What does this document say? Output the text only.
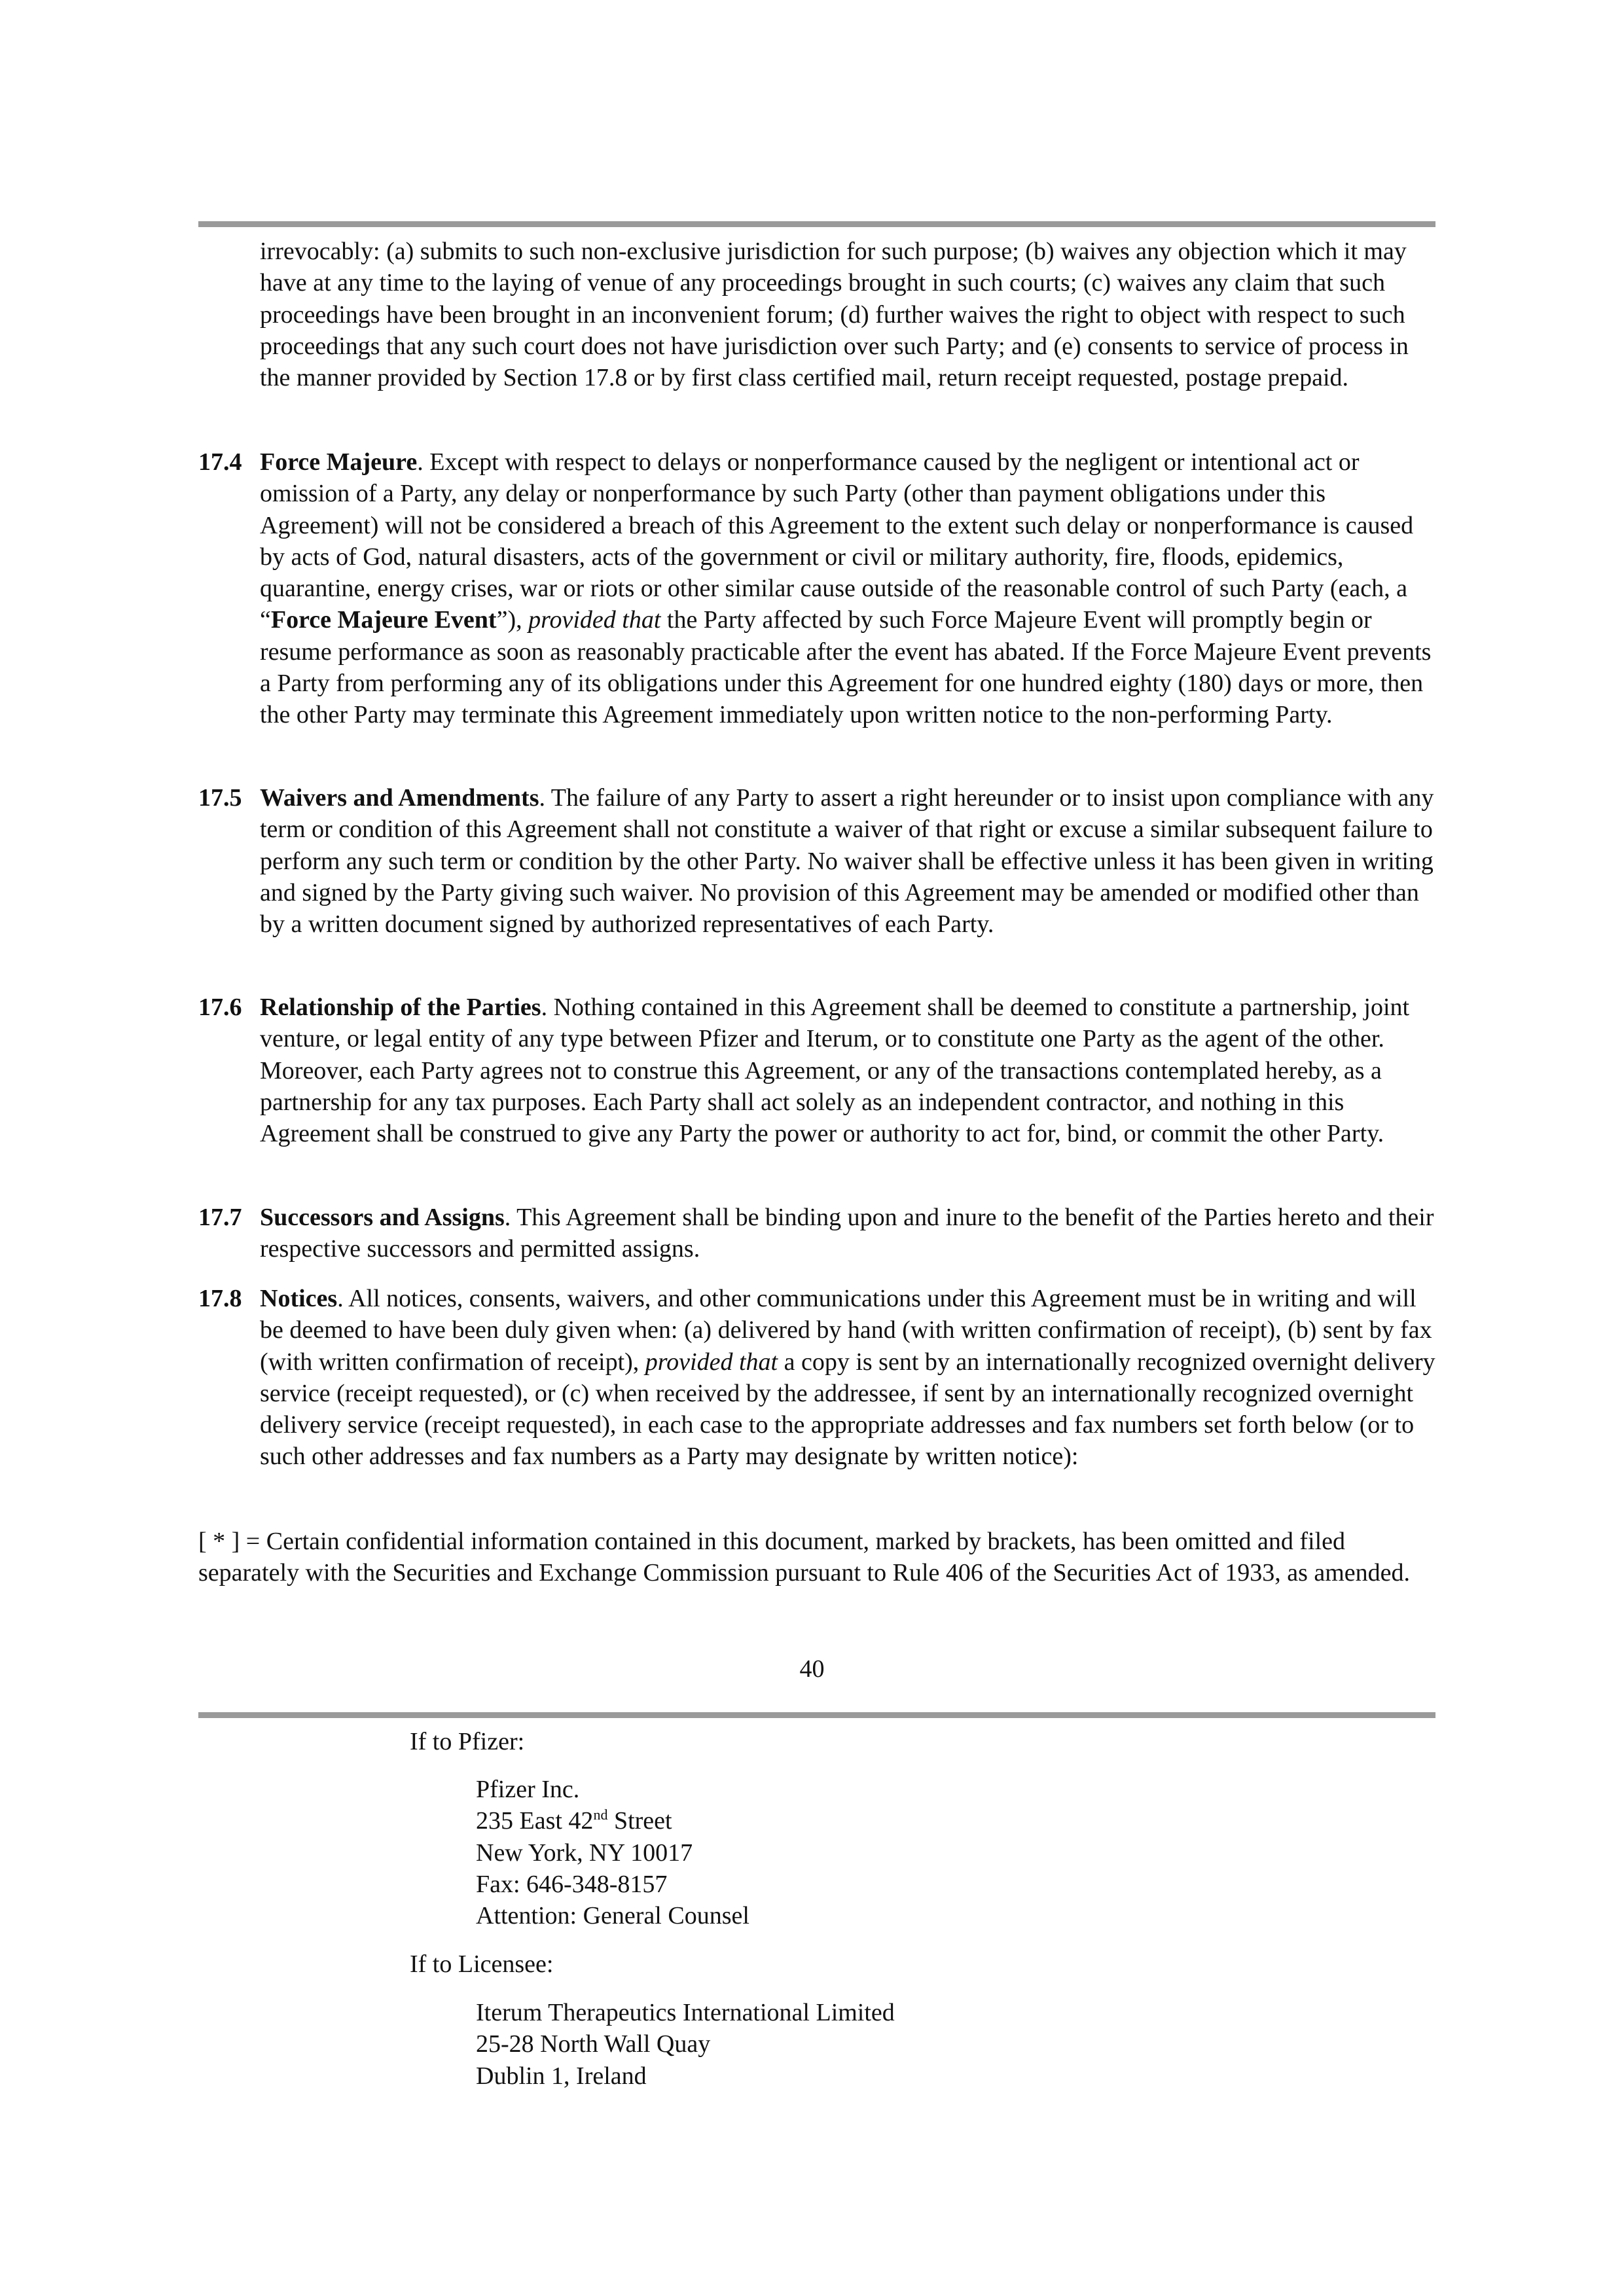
irrevocably: (a) submits to such non-exclusive jurisdiction for such purpose; (b) waives any objection which it may have at any time to the laying of venue of any proceedings brought in such courts; (c) waives any claim that such proceedings have been brought in an inconvenient forum; (d) further waives the right to object with respect to such proceedings that any such court does not have jurisdiction over such Party; and (e) consents to service of process in the manner provided by Section 17.8 or by first class certified mail, return receipt requested, postage prepaid.

17.4 Force Majeure. Except with respect to delays or nonperformance caused by the negligent or intentional act or omission of a Party, any delay or nonperformance by such Party (other than payment obligations under this Agreement) will not be considered a breach of this Agreement to the extent such delay or nonperformance is caused by acts of God, natural disasters, acts of the government or civil or military authority, fire, floods, epidemics, quarantine, energy crises, war or riots or other similar cause outside of the reasonable control of such Party (each, a “Force Majeure Event”), provided that the Party affected by such Force Majeure Event will promptly begin or resume performance as soon as reasonably practicable after the event has abated. If the Force Majeure Event prevents a Party from performing any of its obligations under this Agreement for one hundred eighty (180) days or more, then the other Party may terminate this Agreement immediately upon written notice to the non-performing Party.

17.5 Waivers and Amendments. The failure of any Party to assert a right hereunder or to insist upon compliance with any term or condition of this Agreement shall not constitute a waiver of that right or excuse a similar subsequent failure to perform any such term or condition by the other Party. No waiver shall be effective unless it has been given in writing and signed by the Party giving such waiver. No provision of this Agreement may be amended or modified other than by a written document signed by authorized representatives of each Party.

17.6 Relationship of the Parties. Nothing contained in this Agreement shall be deemed to constitute a partnership, joint venture, or legal entity of any type between Pfizer and Iterum, or to constitute one Party as the agent of the other. Moreover, each Party agrees not to construe this Agreement, or any of the transactions contemplated hereby, as a partnership for any tax purposes. Each Party shall act solely as an independent contractor, and nothing in this Agreement shall be construed to give any Party the power or authority to act for, bind, or commit the other Party.

17.7 Successors and Assigns. This Agreement shall be binding upon and inure to the benefit of the Parties hereto and their respective successors and permitted assigns.

17.8 Notices. All notices, consents, waivers, and other communications under this Agreement must be in writing and will be deemed to have been duly given when: (a) delivered by hand (with written confirmation of receipt), (b) sent by fax (with written confirmation of receipt), provided that a copy is sent by an internationally recognized overnight delivery service (receipt requested), or (c) when received by the addressee, if sent by an internationally recognized overnight delivery service (receipt requested), in each case to the appropriate addresses and fax numbers set forth below (or to such other addresses and fax numbers as a Party may designate by written notice):

[ * ] = Certain confidential information contained in this document, marked by brackets, has been omitted and filed separately with the Securities and Exchange Commission pursuant to Rule 406 of the Securities Act of 1933, as amended.

40
If to Pfizer:
Pfizer Inc.
235 East 42nd Street
New York, NY 10017
Fax: 646-348-8157
Attention: General Counsel
If to Licensee:
Iterum Therapeutics International Limited
25-28 North Wall Quay
Dublin 1, Ireland
